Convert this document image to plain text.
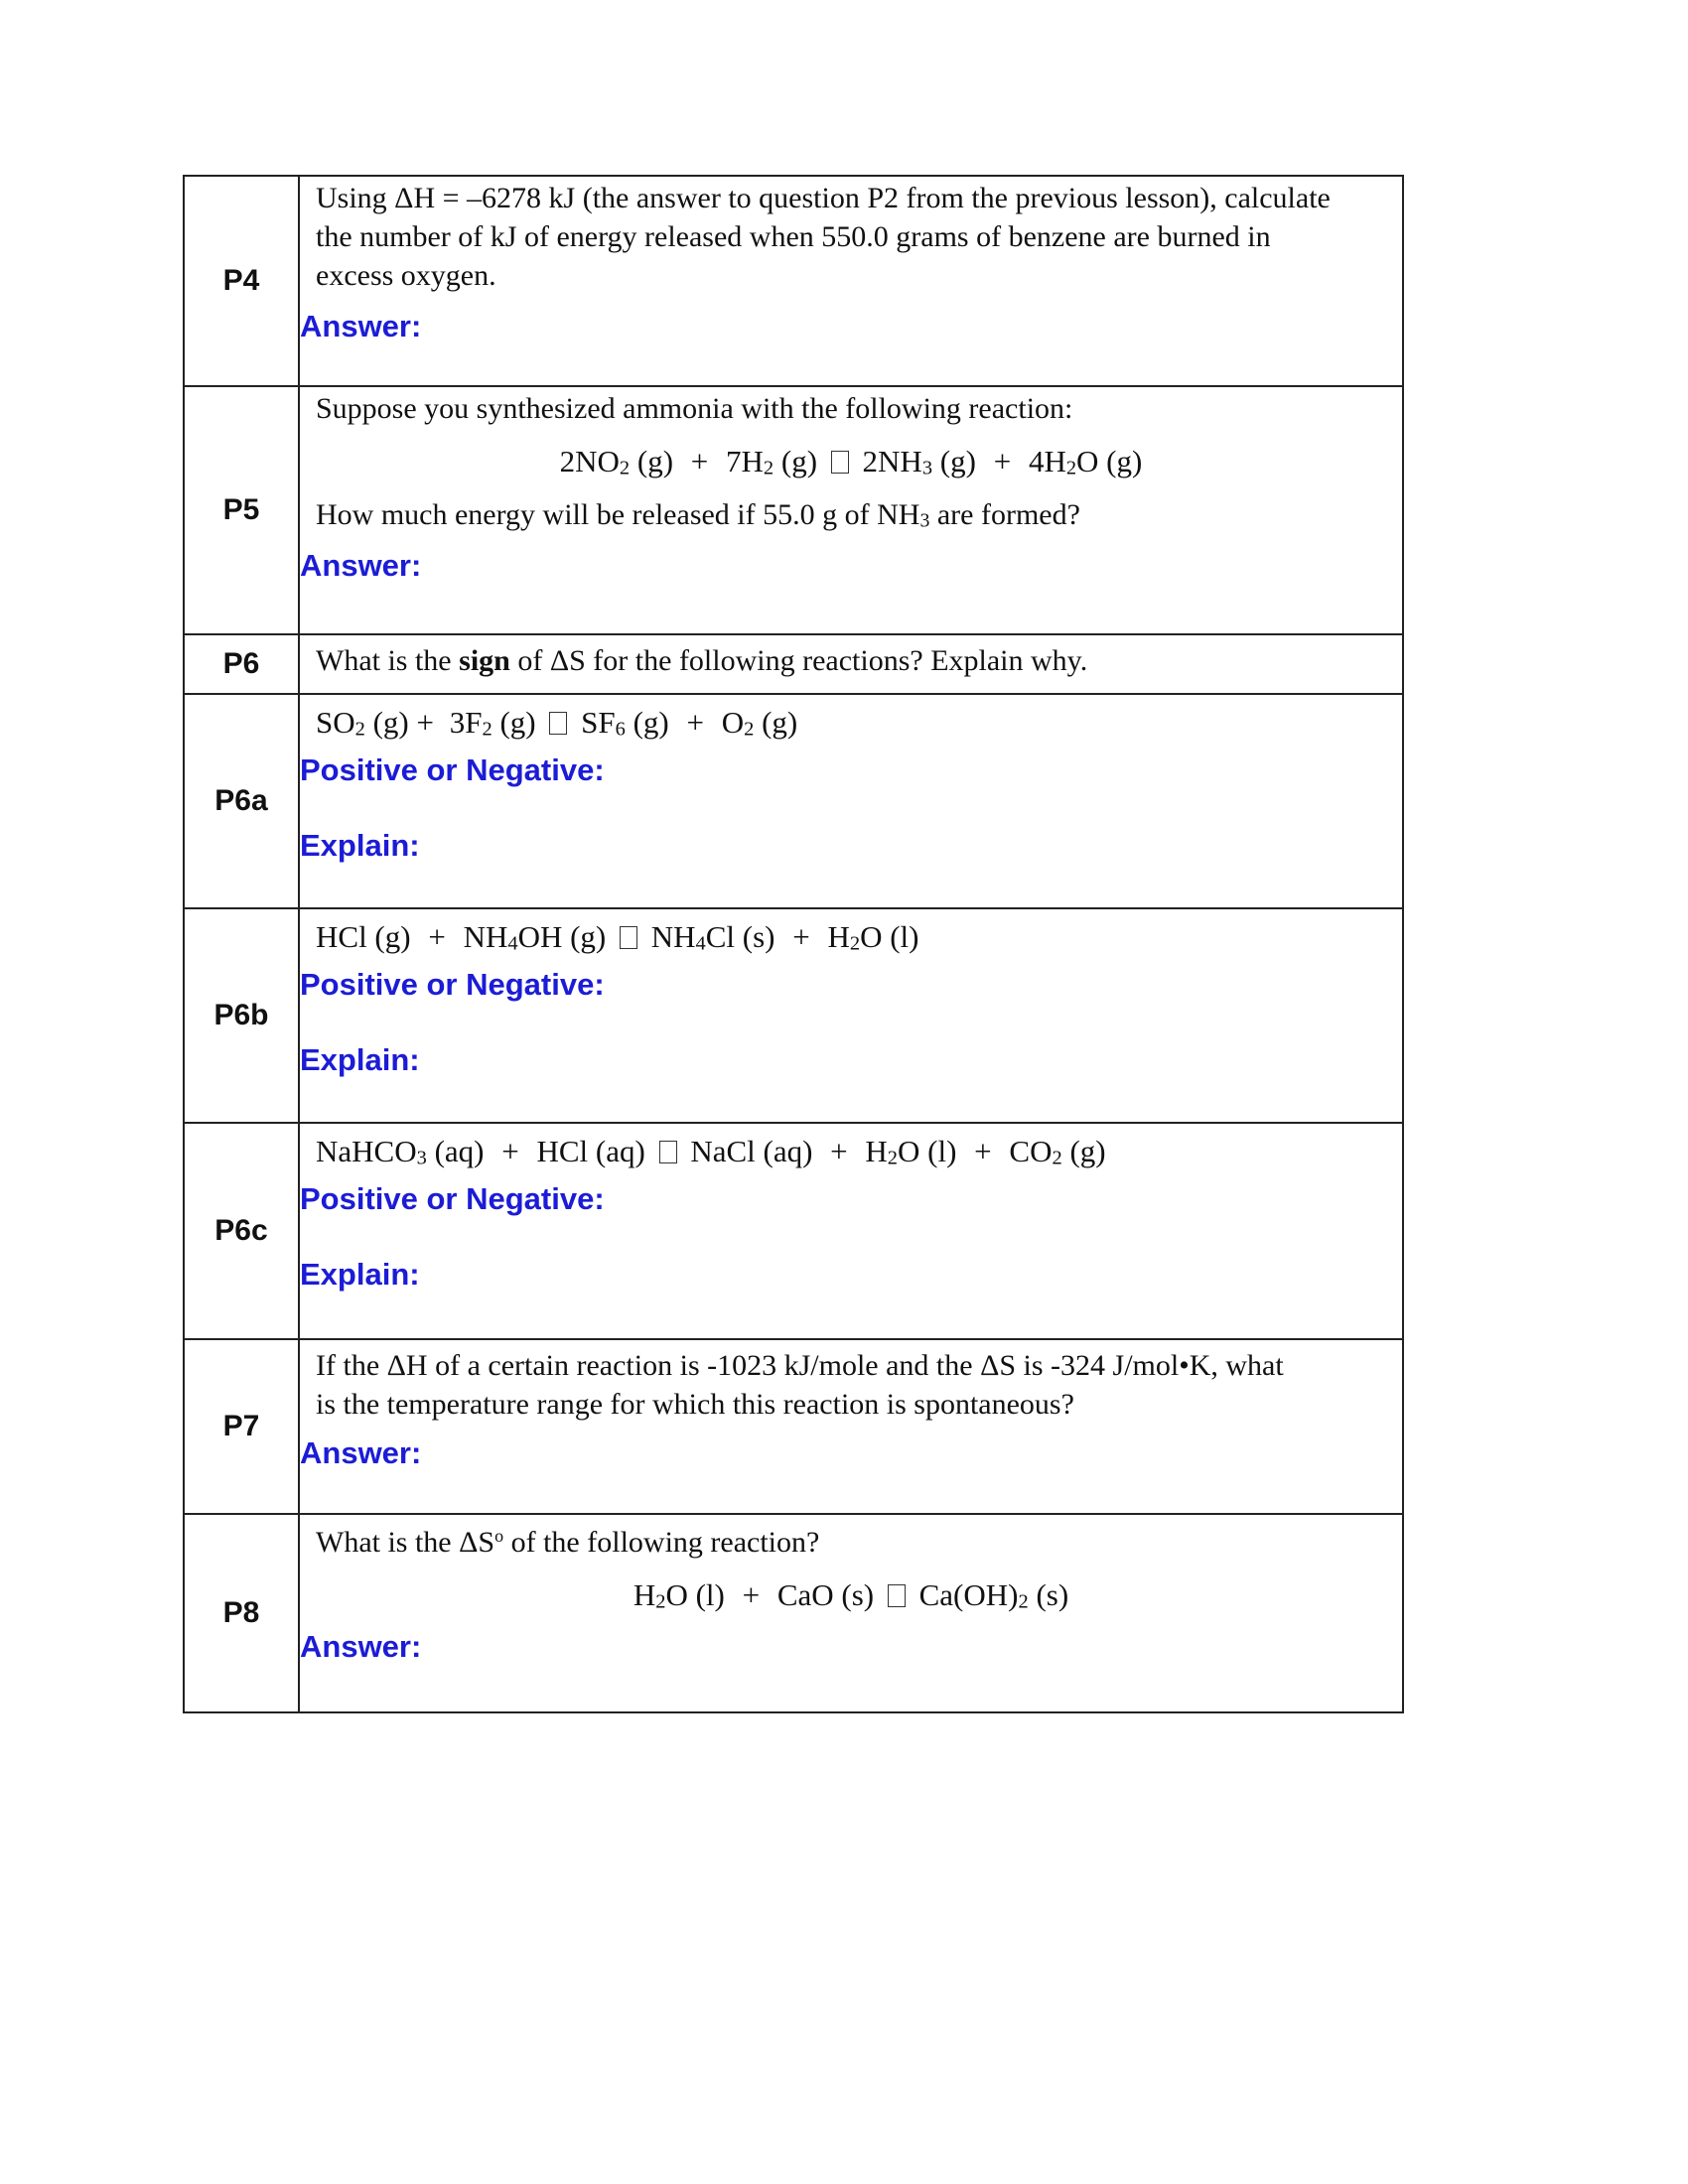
P4	Using ΔH = –6278 kJ (the answer to question P2 from the previous lesson), calculate
the number of kJ of energy released when 550.0 grams of benzene are burned in
excess oxygen.
Answer:

P5	Suppose you synthesized ammonia with the following reaction:
$2NO_2$ $(g) + 7H_2$ (g)  $2NH_3$ $(g) + 4H_2O$ (g)
How much energy will be released if 55.0 g of $NH_3$ are formed?
Answer:

P6	What is the sign of ΔS for the following reactions? Explain why.

P6a	$SO_2$ $(g) + 3F_2$ (g)  $SF_6$ $(g) + O_2$ (g)
Positive or Negative:
Explain:

P6b	HCl $(g) + NH_4OH$ (g)  $NH_4Cl$ $(s) + H_2O$ (l)
Positive or Negative:
Explain:

P6c	NaHCO$_3$ (aq) + HCl (aq)  NaCl $(aq) + H_2O$ $(l) + CO_2$ (g)
Positive or Negative:
Explain:

P7	If the ΔH of a certain reaction is -1023 kJ/mole and the ΔS is -324 J/mol•K, what
is the temperature range for which this reaction is spontaneous?
Answer:

P8	What is the $\Delta S^o$ of the following reaction?
$H_2O$ (l) + CaO (s)  $Ca(OH)_2$ (s)
Answer:
